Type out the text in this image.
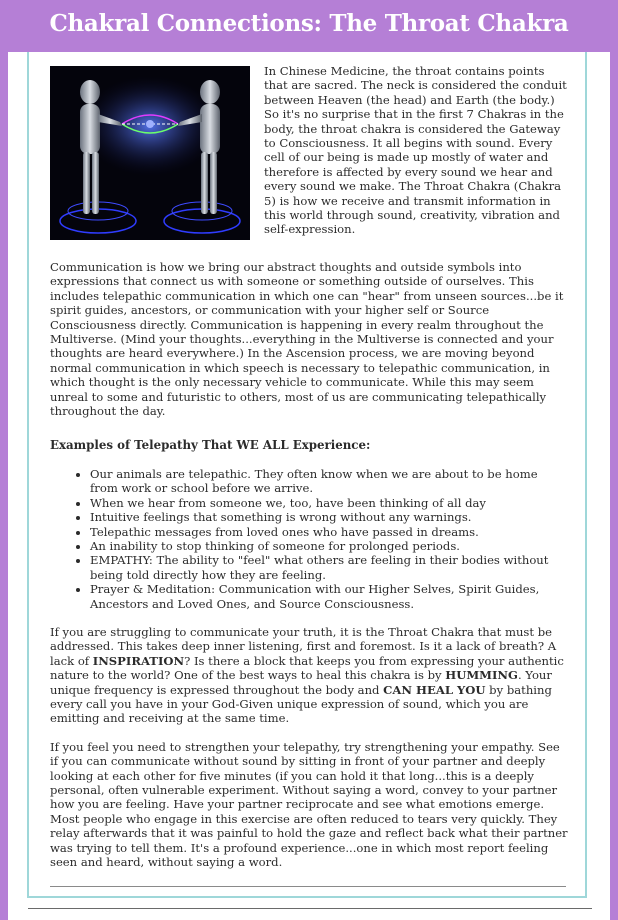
Chakral Connections: The Throat Chakra

In Chinese Medicine, the throat contains points that are sacred. The neck is considered the conduit between Heaven (the head) and Earth (the body.) So it's no surprise that in the first 7 Chakras in the body, the throat chakra is considered the Gateway to Consciousness. It all begins with sound. Every cell of our being is made up mostly of water and therefore is affected by every sound we hear and every sound we make. The Throat Chakra (Chakra 5) is how we receive and transmit information in this world through sound, creativity, vibration and self-expression.

Communication is how we bring our abstract thoughts and outside symbols into expressions that connect us with someone or something outside of ourselves. This includes telepathic communication in which one can "hear" from unseen sources...be it spirit guides, ancestors, or communication with your higher self or Source Consciousness directly. Communication is happening in every realm throughout the Multiverse. (Mind your thoughts...everything in the Multiverse is connected and your thoughts are heard everywhere.) In the Ascension process, we are moving beyond normal communication in which speech is necessary to telepathic communication, in which thought is the only necessary vehicle to communicate. While this may seem unreal to some and futuristic to others, most of us are communicating telepathically throughout the day.

Examples of Telepathy That WE ALL Experience:
• Our animals are telepathic. They often know when we are about to be home from work or school before we arrive.
• When we hear from someone we, too, have been thinking of all day
• Intuitive feelings that something is wrong without any warnings.
• Telepathic messages from loved ones who have passed in dreams.
• An inability to stop thinking of someone for prolonged periods.
• EMPATHY: The ability to "feel" what others are feeling in their bodies without being told directly how they are feeling.
• Prayer & Meditation: Communication with our Higher Selves, Spirit Guides, Ancestors and Loved Ones, and Source Consciousness.

If you are struggling to communicate your truth, it is the Throat Chakra that must be addressed. This takes deep inner listening, first and foremost. Is it a lack of breath? A lack of INSPIRATION? Is there a block that keeps you from expressing your authentic nature to the world? One of the best ways to heal this chakra is by HUMMING. Your unique frequency is expressed throughout the body and CAN HEAL YOU by bathing every call you have in your God-Given unique expression of sound, which you are emitting and receiving at the same time.

If you feel you need to strengthen your telepathy, try strengthening your empathy. See if you can communicate without sound by sitting in front of your partner and deeply looking at each other for five minutes (if you can hold it that long...this is a deeply personal, often vulnerable experiment. Without saying a word, convey to your partner how you are feeling. Have your partner reciprocate and see what emotions emerge. Most people who engage in this exercise are often reduced to tears very quickly. They relay afterwards that it was painful to hold the gaze and reflect back what their partner was trying to tell them. It's a profound experience...one in which most report feeling seen and heard, without saying a word.
